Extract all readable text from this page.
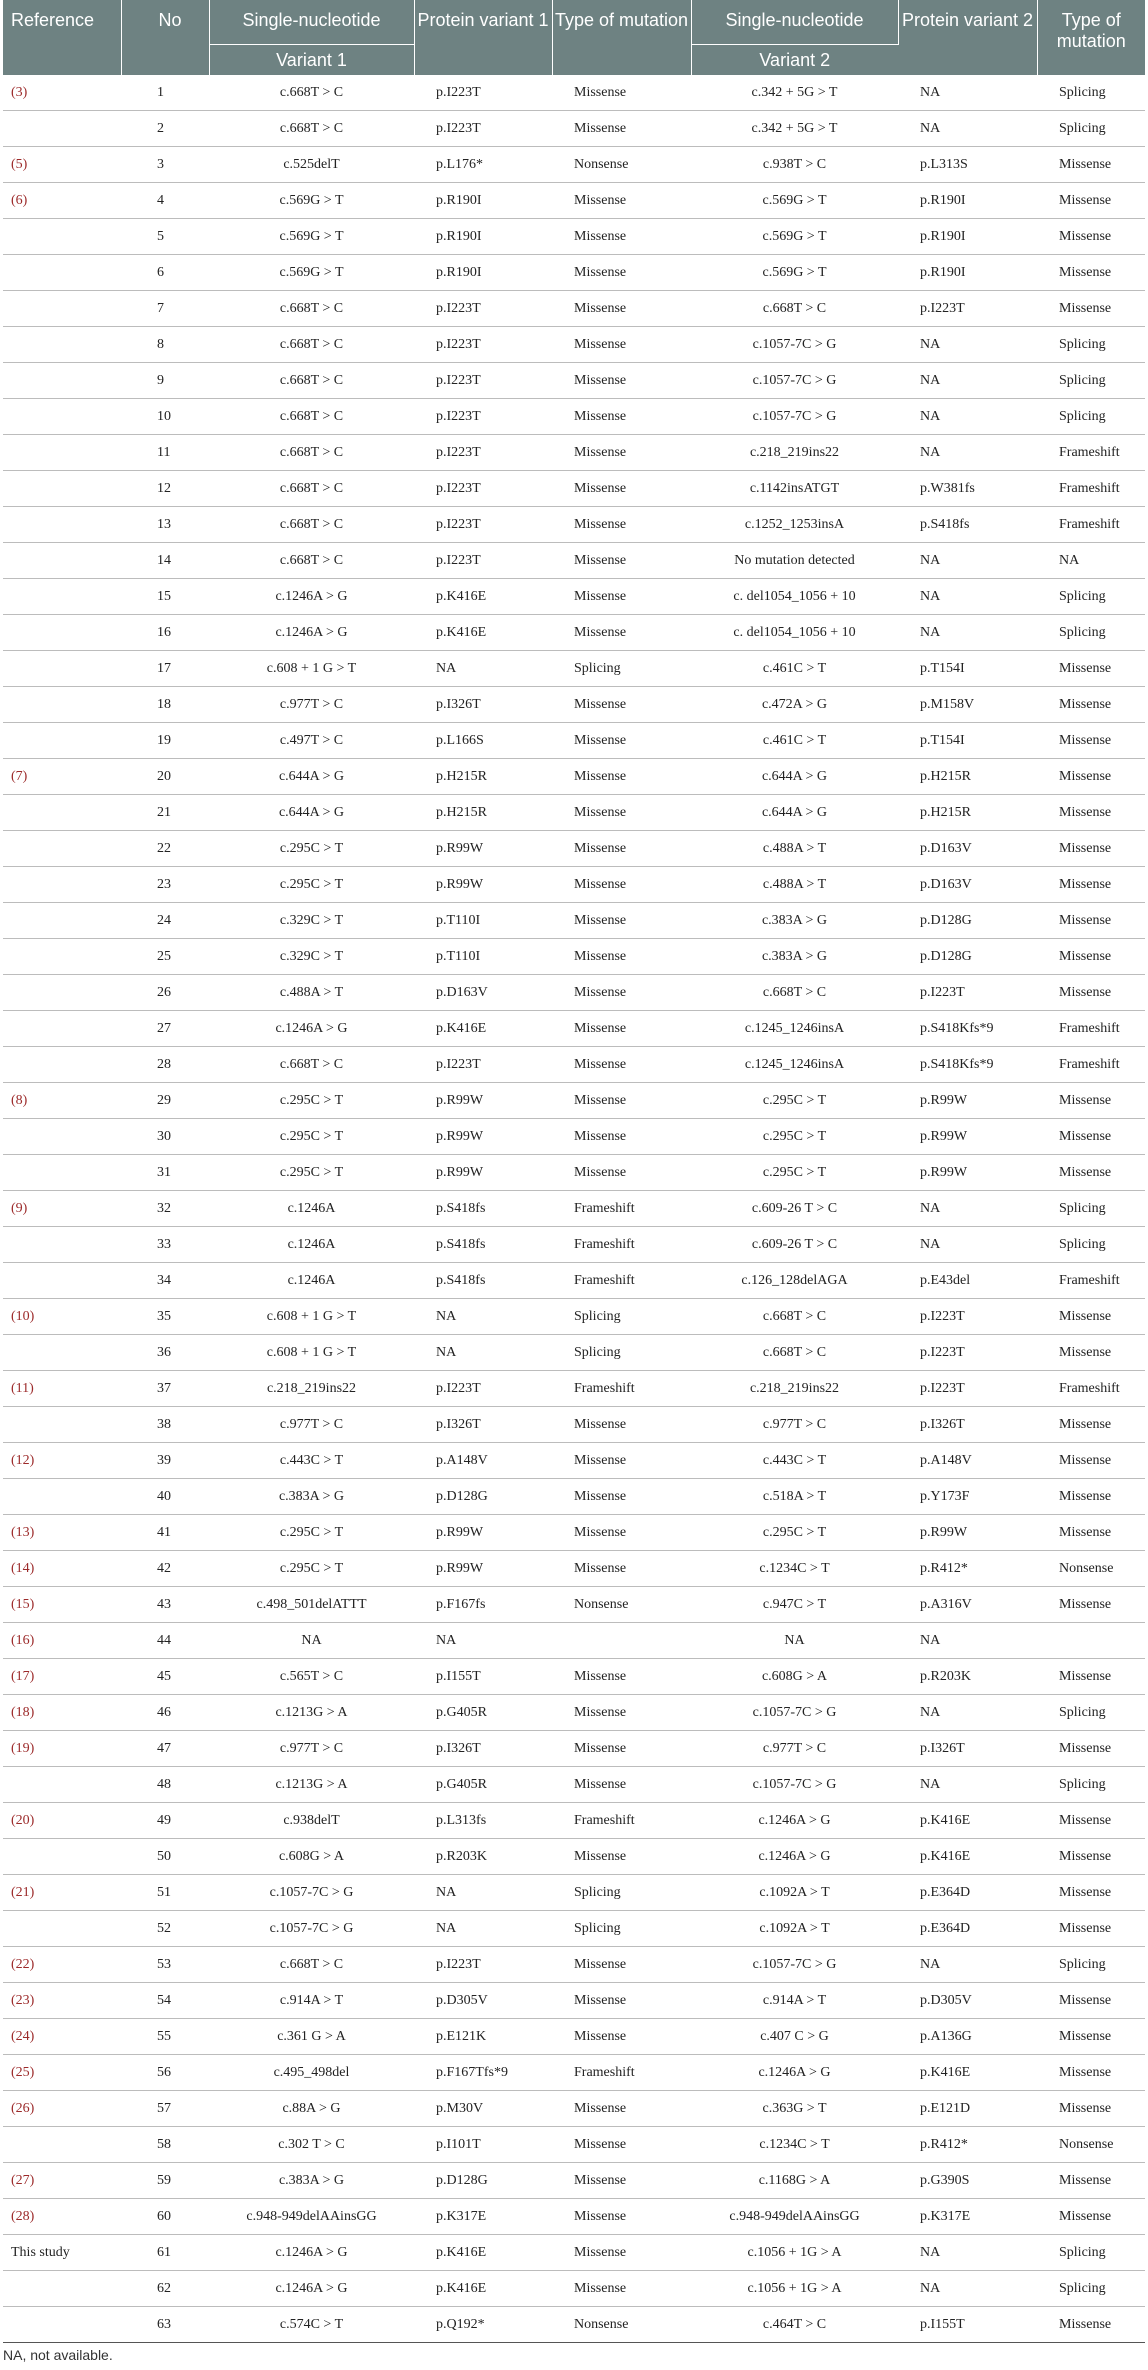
Reference	No	Single-nucleotide	Protein variant 1	Type of mutation	Single-nucleotide	Protein variant 2	Type of mutation
		Variant 1			Variant 2		
(3)	1	c.668T > C	p.I223T	Missense	c.342 + 5G > T	NA	Splicing
	2	c.668T > C	p.I223T	Missense	c.342 + 5G > T	NA	Splicing
(5)	3	c.525delT	p.L176*	Nonsense	c.938T > C	p.L313S	Missense
(6)	4	c.569G > T	p.R190I	Missense	c.569G > T	p.R190I	Missense
	5	c.569G > T	p.R190I	Missense	c.569G > T	p.R190I	Missense
	6	c.569G > T	p.R190I	Missense	c.569G > T	p.R190I	Missense
	7	c.668T > C	p.I223T	Missense	c.668T > C	p.I223T	Missense
	8	c.668T > C	p.I223T	Missense	c.1057-7C > G	NA	Splicing
	9	c.668T > C	p.I223T	Missense	c.1057-7C > G	NA	Splicing
	10	c.668T > C	p.I223T	Missense	c.1057-7C > G	NA	Splicing
	11	c.668T > C	p.I223T	Missense	c.218_219ins22	NA	Frameshift
	12	c.668T > C	p.I223T	Missense	c.1142insATGT	p.W381fs	Frameshift
	13	c.668T > C	p.I223T	Missense	c.1252_1253insA	p.S418fs	Frameshift
	14	c.668T > C	p.I223T	Missense	No mutation detected	NA	NA
	15	c.1246A > G	p.K416E	Missense	c. del1054_1056 + 10	NA	Splicing
	16	c.1246A > G	p.K416E	Missense	c. del1054_1056 + 10	NA	Splicing
	17	c.608 + 1 G > T	NA	Splicing	c.461C > T	p.T154I	Missense
	18	c.977T > C	p.I326T	Missense	c.472A > G	p.M158V	Missense
	19	c.497T > C	p.L166S	Missense	c.461C > T	p.T154I	Missense
(7)	20	c.644A > G	p.H215R	Missense	c.644A > G	p.H215R	Missense
	21	c.644A > G	p.H215R	Missense	c.644A > G	p.H215R	Missense
	22	c.295C > T	p.R99W	Missense	c.488A > T	p.D163V	Missense
	23	c.295C > T	p.R99W	Missense	c.488A > T	p.D163V	Missense
	24	c.329C > T	p.T110I	Missense	c.383A > G	p.D128G	Missense
	25	c.329C > T	p.T110I	Missense	c.383A > G	p.D128G	Missense
	26	c.488A > T	p.D163V	Missense	c.668T > C	p.I223T	Missense
	27	c.1246A > G	p.K416E	Missense	c.1245_1246insA	p.S418Kfs*9	Frameshift
	28	c.668T > C	p.I223T	Missense	c.1245_1246insA	p.S418Kfs*9	Frameshift
(8)	29	c.295C > T	p.R99W	Missense	c.295C > T	p.R99W	Missense
	30	c.295C > T	p.R99W	Missense	c.295C > T	p.R99W	Missense
	31	c.295C > T	p.R99W	Missense	c.295C > T	p.R99W	Missense
(9)	32	c.1246A	p.S418fs	Frameshift	c.609-26 T > C	NA	Splicing
	33	c.1246A	p.S418fs	Frameshift	c.609-26 T > C	NA	Splicing
	34	c.1246A	p.S418fs	Frameshift	c.126_128delAGA	p.E43del	Frameshift
(10)	35	c.608 + 1 G > T	NA	Splicing	c.668T > C	p.I223T	Missense
	36	c.608 + 1 G > T	NA	Splicing	c.668T > C	p.I223T	Missense
(11)	37	c.218_219ins22	p.I223T	Frameshift	c.218_219ins22	p.I223T	Frameshift
	38	c.977T > C	p.I326T	Missense	c.977T > C	p.I326T	Missense
(12)	39	c.443C > T	p.A148V	Missense	c.443C > T	p.A148V	Missense
	40	c.383A > G	p.D128G	Missense	c.518A > T	p.Y173F	Missense
(13)	41	c.295C > T	p.R99W	Missense	c.295C > T	p.R99W	Missense
(14)	42	c.295C > T	p.R99W	Missense	c.1234C > T	p.R412*	Nonsense
(15)	43	c.498_501delATTT	p.F167fs	Nonsense	c.947C > T	p.A316V	Missense
(16)	44	NA	NA		NA	NA	
(17)	45	c.565T > C	p.I155T	Missense	c.608G > A	p.R203K	Missense
(18)	46	c.1213G > A	p.G405R	Missense	c.1057-7C > G	NA	Splicing
(19)	47	c.977T > C	p.I326T	Missense	c.977T > C	p.I326T	Missense
	48	c.1213G > A	p.G405R	Missense	c.1057-7C > G	NA	Splicing
(20)	49	c.938delT	p.L313fs	Frameshift	c.1246A > G	p.K416E	Missense
	50	c.608G > A	p.R203K	Missense	c.1246A > G	p.K416E	Missense
(21)	51	c.1057-7C > G	NA	Splicing	c.1092A > T	p.E364D	Missense
	52	c.1057-7C > G	NA	Splicing	c.1092A > T	p.E364D	Missense
(22)	53	c.668T > C	p.I223T	Missense	c.1057-7C > G	NA	Splicing
(23)	54	c.914A > T	p.D305V	Missense	c.914A > T	p.D305V	Missense
(24)	55	c.361 G > A	p.E121K	Missense	c.407 C > G	p.A136G	Missense
(25)	56	c.495_498del	p.F167Tfs*9	Frameshift	c.1246A > G	p.K416E	Missense
(26)	57	c.88A > G	p.M30V	Missense	c.363G > T	p.E121D	Missense
	58	c.302 T > C	p.I101T	Missense	c.1234C > T	p.R412*	Nonsense
(27)	59	c.383A > G	p.D128G	Missense	c.1168G > A	p.G390S	Missense
(28)	60	c.948-949delAAinsGG	p.K317E	Missense	c.948-949delAAinsGG	p.K317E	Missense
This study	61	c.1246A > G	p.K416E	Missense	c.1056 + 1G > A	NA	Splicing
	62	c.1246A > G	p.K416E	Missense	c.1056 + 1G > A	NA	Splicing
	63	c.574C > T	p.Q192*	Nonsense	c.464T > C	p.I155T	Missense
NA, not available.
